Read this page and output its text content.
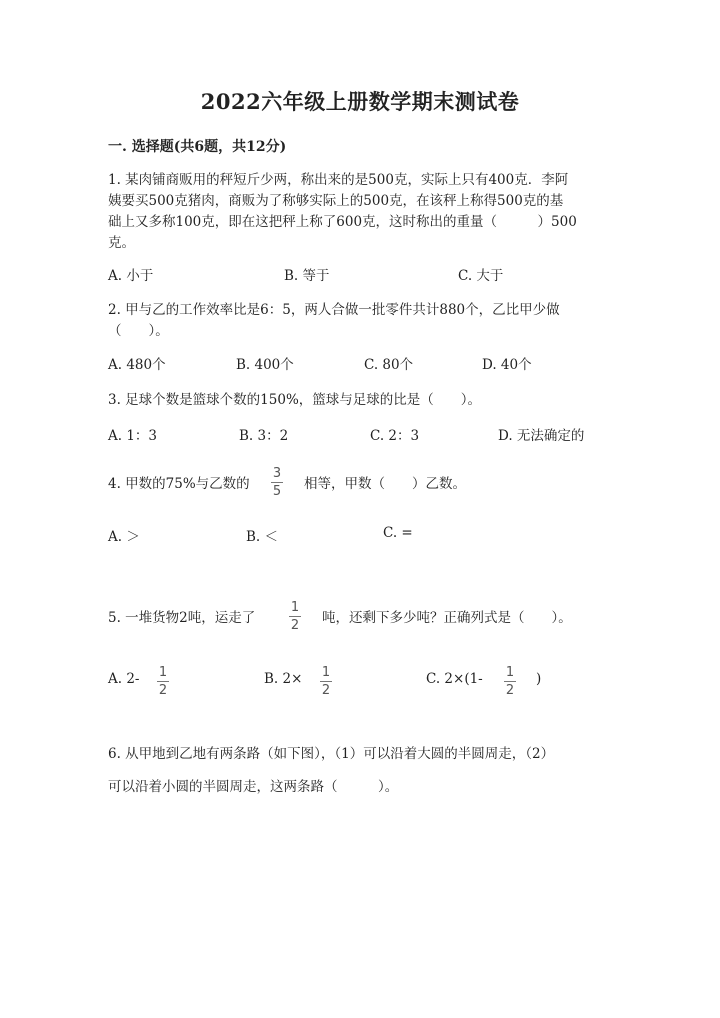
2022六年级上册数学期末测试卷
一. 选择题(共6题，共12分)
1. 某肉铺商贩用的秤短斤少两，称出来的是500克，实际上只有400克．李阿
姨要买500克猪肉，商贩为了称够实际上的500克，在该秤上称得500克的基
础上又多称100克，即在这把秤上称了600克，这时称出的重量（　　　）500
克。
A. 小于	B. 等于	C. 大于
2. 甲与乙的工作效率比是6：5，两人合做一批零件共计880个，乙比甲少做
（　　）。
A. 480个	B. 400个	C. 80个	D. 40个
3. 足球个数是篮球个数的150%，篮球与足球的比是（　　）。
A. 1：3	B. 3：2	C. 2：3	D. 无法确定的
4. 甲数的75%与乙数的
3
5 相等，甲数（　　）乙数。
A. ＞	B. ＜	C. =
5. 一堆货物2吨，运走了
1
2 吨，还剩下多少吨？正确列式是（　　）。
A. 2- 1
2
B. 2× 1
2
C. 2×(1- 1
2
)
6. 从甲地到乙地有两条路（如下图），（1）可以沿着大圆的半圆周走，（2）
可以沿着小圆的半圆周走，这两条路（　　　）。
